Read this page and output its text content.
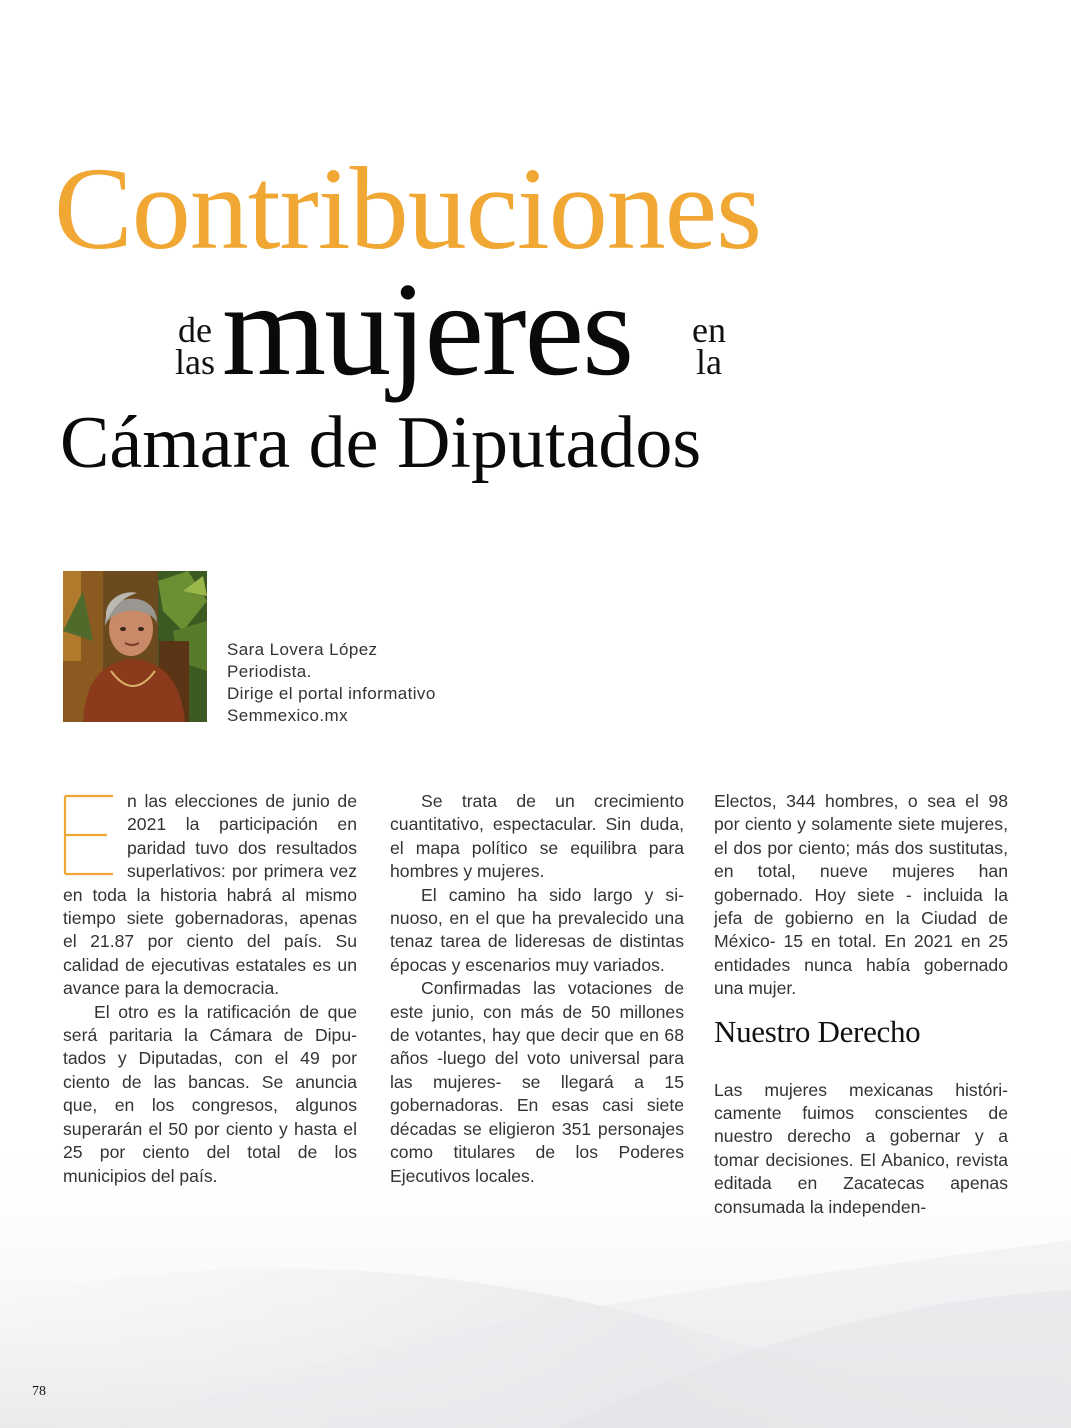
Contribuciones
de
las mujeres en
la
Cámara de Diputados
Sara Lovera López
Periodista.
Dirige el portal informativo
Semmexico.mx

n las elecciones de junio de 2021 la participación en paridad tuvo dos resultados superlativos: por primera vez en toda la historia habrá al mismo tiempo siete gobernadoras, apenas el 21.87 por ciento del país. Su calidad de ejecutivas estatales es un avance para la democracia.

El otro es la ratificación de que será paritaria la Cámara de Diputados y Diputadas, con el 49 por ciento de las bancas. Se anuncia que, en los congresos, algunos superarán el 50 por ciento y hasta el 25 por ciento del total de los municipios del país.

Se trata de un crecimiento cuantitativo, espectacular. Sin duda, el mapa político se equilibra para hombres y mujeres.

El camino ha sido largo y sinuoso, en el que ha prevalecido una tenaz tarea de lideresas de distintas épocas y escenarios muy variados.

Confirmadas las votaciones de este junio, con más de 50 millones de votantes, hay que decir que en 68 años -luego del voto universal para las mujeres- se llegará a 15 gobernadoras. En esas casi siete décadas se eligieron 351 personajes como titulares de los Poderes Ejecutivos locales.

Electos, 344 hombres, o sea el 98 por ciento y solamente siete mujeres, el dos por ciento; más dos sustitutas, en total, nueve mujeres han gobernado. Hoy siete - incluida la jefa de gobierno en la Ciudad de México- 15 en total. En 2021 en 25 entidades nunca había gobernado una mujer.

Nuestro Derecho

Las mujeres mexicanas históricamente fuimos conscientes de nuestro derecho a gobernar y a tomar decisiones. El Abanico, revista editada en Zacatecas apenas consumada la independen-

78
